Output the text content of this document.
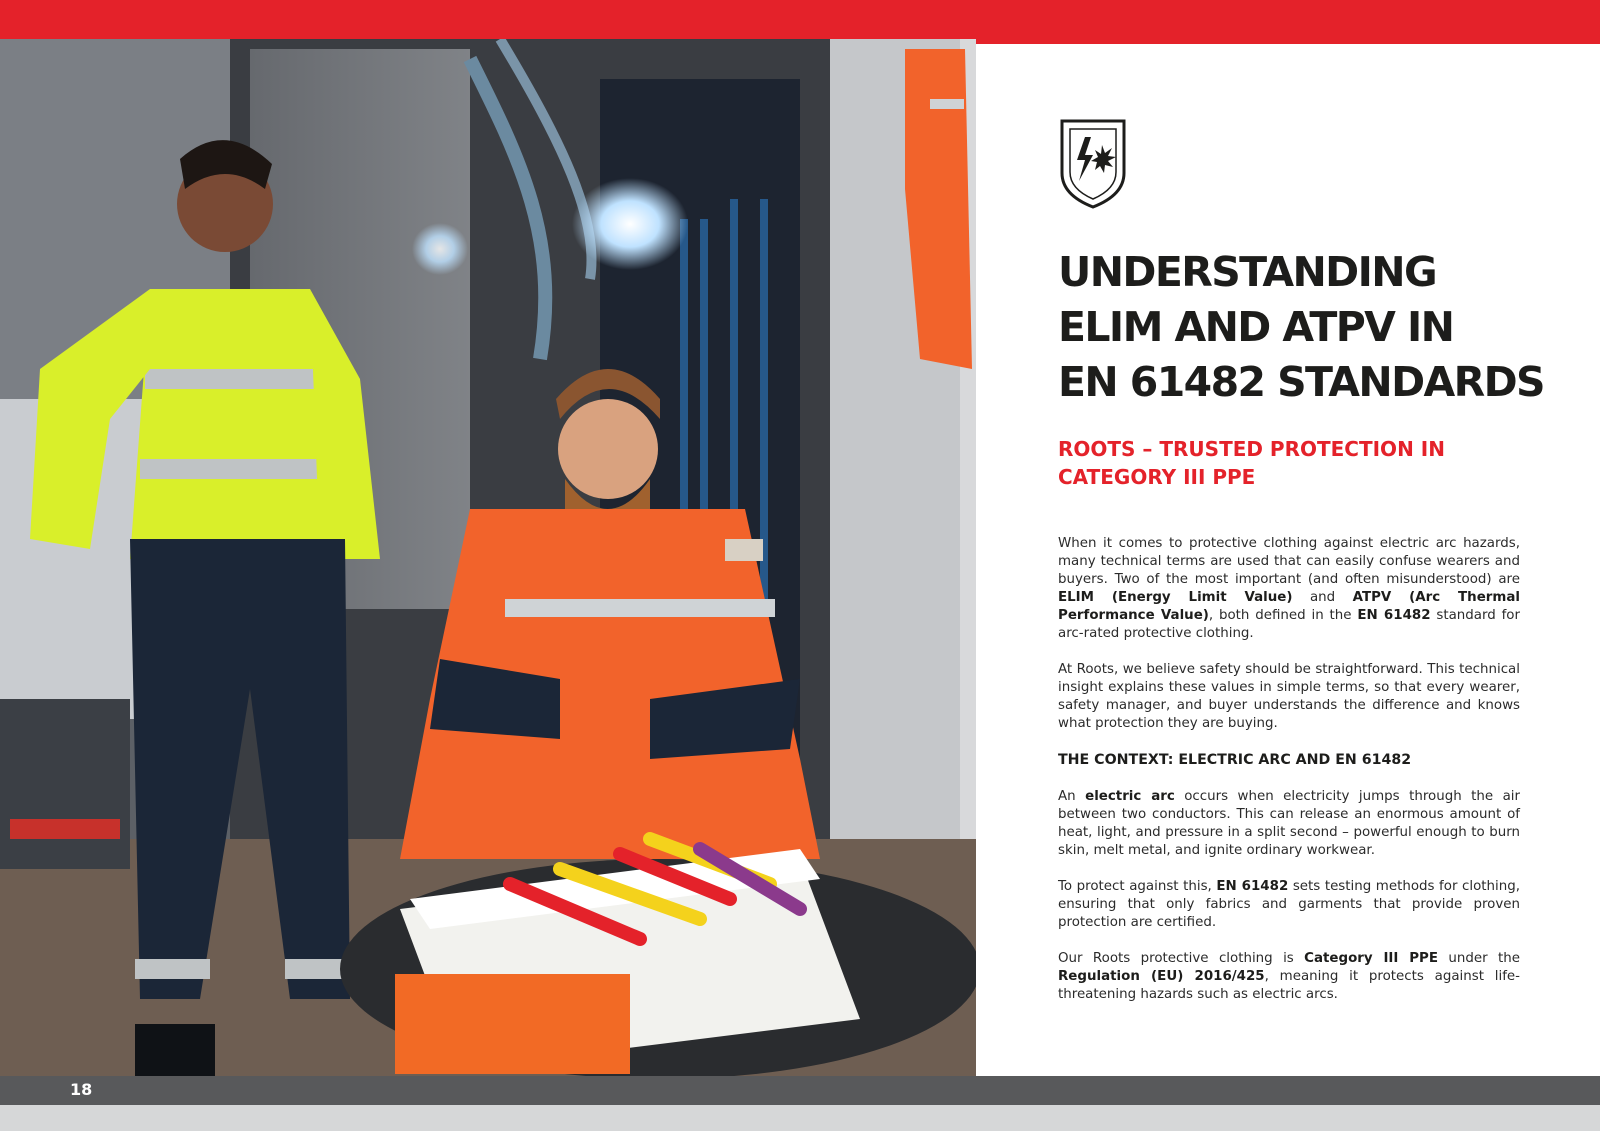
18
UNDERSTANDING
ELIM AND ATPV IN
EN 61482 STANDARDS
ROOTS – TRUSTED PROTECTION IN
CATEGORY III PPE

When it comes to protective clothing against electric arc hazards, many technical terms are used that can easily confuse wearers and buyers. Two of the most important (and often misunderstood) are ELIM (Energy Limit Value) and ATPV (Arc Thermal Performance Value), both defined in the EN 61482 standard for arc-rated protective clothing.

At Roots, we believe safety should be straightforward. This technical insight explains these values in simple terms, so that every wearer, safety manager, and buyer understands the difference and knows what protection they are buying.

THE CONTEXT: ELECTRIC ARC AND EN 61482

An electric arc occurs when electricity jumps through the air between two conductors. This can release an enormous amount of heat, light, and pressure in a split second – powerful enough to burn skin, melt metal, and ignite ordinary workwear.

To protect against this, EN 61482 sets testing methods for clothing, ensuring that only fabrics and garments that provide proven protection are certified.

Our Roots protective clothing is Category III PPE under the Regulation (EU) 2016/425, meaning it protects against life-threatening hazards such as electric arcs.
